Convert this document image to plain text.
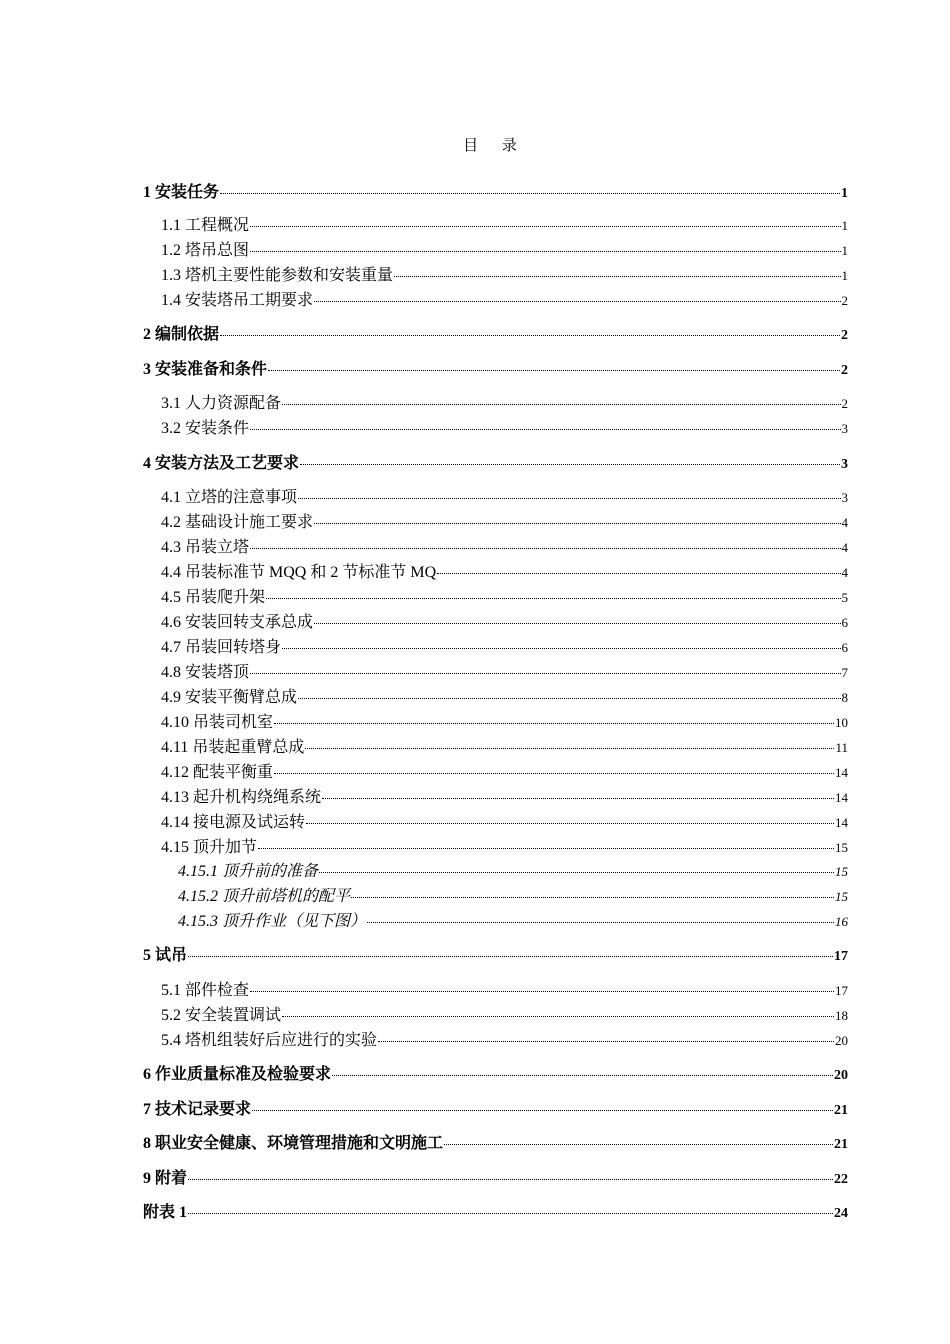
目 录
1 安装任务	1
1.1 工程概况	1
1.2 塔吊总图	1
1.3 塔机主要性能参数和安装重量	1
1.4 安装塔吊工期要求	2
2 编制依据	2
3 安装准备和条件	2
3.1 人力资源配备	2
3.2 安装条件	3
4 安装方法及工艺要求	3
4.1 立塔的注意事项	3
4.2 基础设计施工要求	4
4.3 吊装立塔	4
4.4 吊装标准节 MQQ 和 2 节标准节 MQ	4
4.5 吊装爬升架	5
4.6 安装回转支承总成	6
4.7 吊装回转塔身	6
4.8 安装塔顶	7
4.9 安装平衡臂总成	8
4.10 吊装司机室	10
4.11 吊装起重臂总成	11
4.12 配装平衡重	14
4.13 起升机构绕绳系统	14
4.14 接电源及试运转	14
4.15 顶升加节	15
4.15.1 顶升前的准备	15
4.15.2 顶升前塔机的配平	15
4.15.3 顶升作业（见下图）	16
5 试吊	17
5.1 部件检查	17
5.2 安全装置调试	18
5.4 塔机组装好后应进行的实验	20
6 作业质量标准及检验要求	20
7 技术记录要求	21
8 职业安全健康、环境管理措施和文明施工	21
9 附着	22
附表 1	24
